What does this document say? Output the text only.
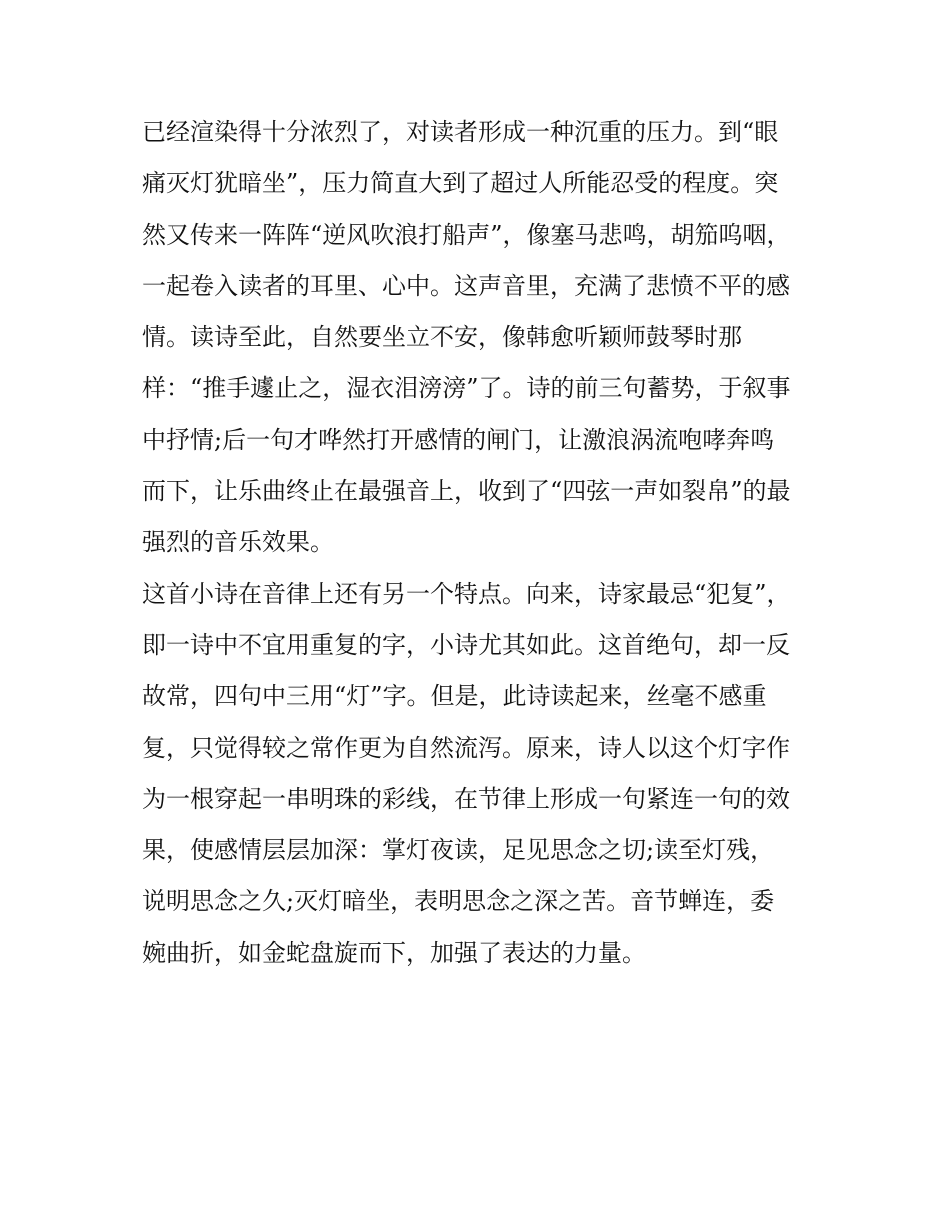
已经渲染得十分浓烈了，对读者形成一种沉重的压力。到“眼
痛灭灯犹暗坐”，压力简直大到了超过人所能忍受的程度。突
然又传来一阵阵“逆风吹浪打船声”，像塞马悲鸣，胡笳呜咽，
一起卷入读者的耳里、心中。这声音里，充满了悲愤不平的感
情。读诗至此，自然要坐立不安，像韩愈听颖师鼓琴时那
样：“推手遽止之，湿衣泪滂滂”了。诗的前三句蓄势，于叙事
中抒情;后一句才哗然打开感情的闸门，让激浪涡流咆哮奔鸣
而下，让乐曲终止在最强音上，收到了“四弦一声如裂帛”的最
强烈的音乐效果。
这首小诗在音律上还有另一个特点。向来，诗家最忌“犯复”，
即一诗中不宜用重复的字，小诗尤其如此。这首绝句，却一反
故常，四句中三用“灯”字。但是，此诗读起来，丝毫不感重
复，只觉得较之常作更为自然流泻。原来，诗人以这个灯字作
为一根穿起一串明珠的彩线，在节律上形成一句紧连一句的效
果，使感情层层加深：掌灯夜读，足见思念之切;读至灯残，
说明思念之久;灭灯暗坐，表明思念之深之苦。音节蝉连，委
婉曲折，如金蛇盘旋而下，加强了表达的力量。
